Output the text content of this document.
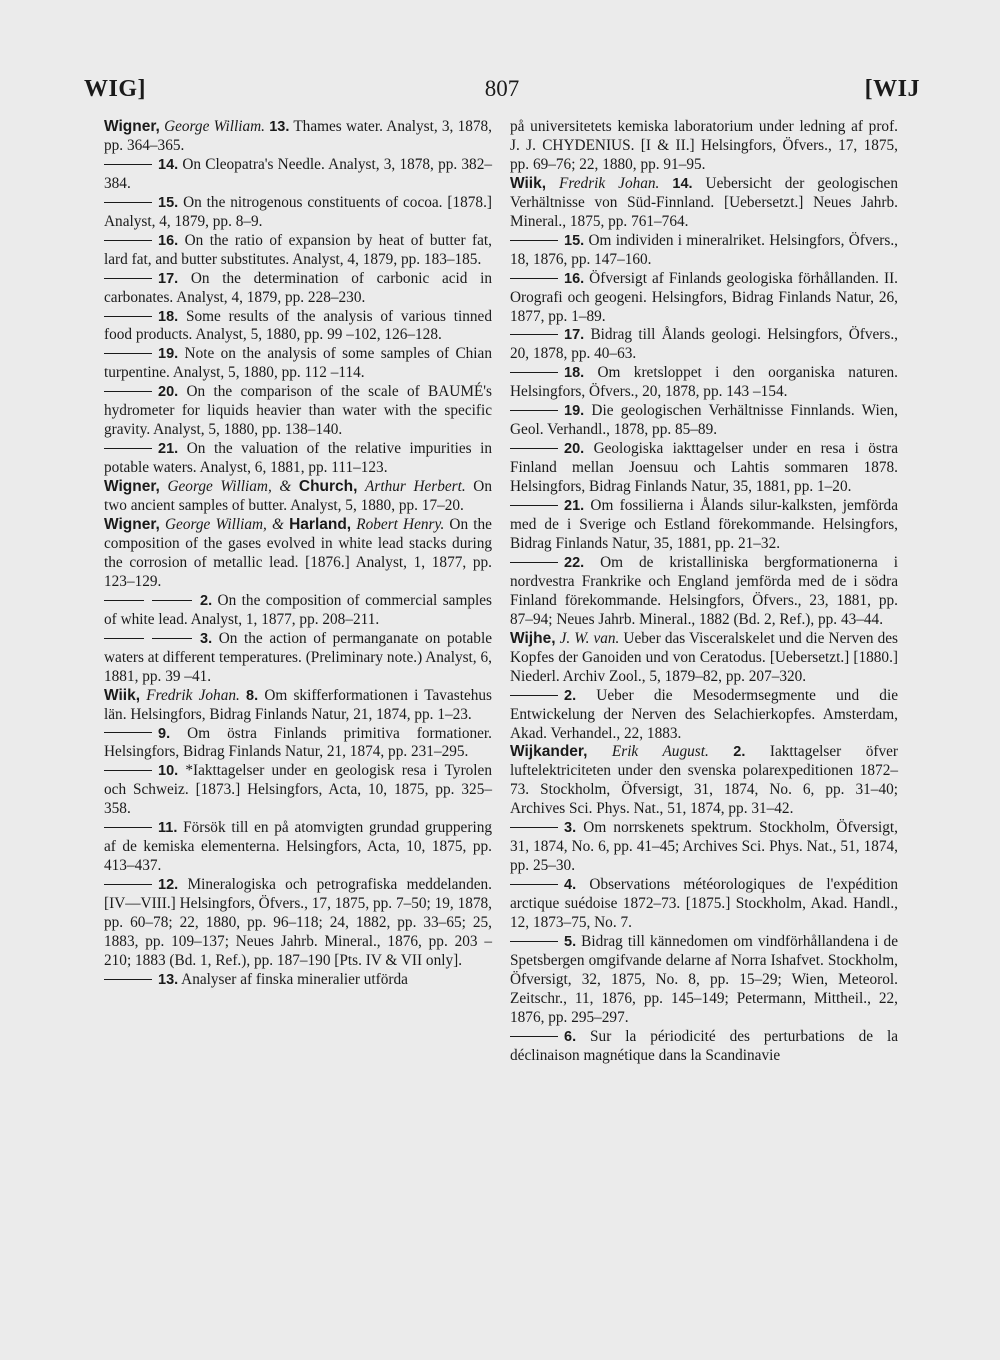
WIG]	807	[WIJ

Wigner, George William. 13. Thames water. Analyst, 3, 1878, pp. 364–365.

14. On Cleopatra's Needle. Analyst, 3, 1878, pp. 382–384.

15. On the nitrogenous constituents of cocoa. [1878.] Analyst, 4, 1879, pp. 8–9.

16. On the ratio of expansion by heat of butter fat, lard fat, and butter substitutes. Analyst, 4, 1879, pp. 183–185.

17. On the determination of carbonic acid in carbonates. Analyst, 4, 1879, pp. 228–230.

18. Some results of the analysis of various tinned food products. Analyst, 5, 1880, pp. 99 –102, 126–128.

19. Note on the analysis of some samples of Chian turpentine. Analyst, 5, 1880, pp. 112 –114.

20. On the comparison of the scale of BAUMÉ's hydrometer for liquids heavier than water with the specific gravity. Analyst, 5, 1880, pp. 138–140.

21. On the valuation of the relative impurities in potable waters. Analyst, 6, 1881, pp. 111–123.

Wigner, George William, & Church, Arthur Herbert. On two ancient samples of butter. Analyst, 5, 1880, pp. 17–20.

Wigner, George William, & Harland, Robert Henry. On the composition of the gases evolved in white lead stacks during the corrosion of metallic lead. [1876.] Analyst, 1, 1877, pp. 123–129.

2. On the composition of commercial samples of white lead. Analyst, 1, 1877, pp. 208–211.

3. On the action of permanganate on potable waters at different temperatures. (Preliminary note.) Analyst, 6, 1881, pp. 39 –41.

Wiik, Fredrik Johan. 8. Om skifferformationen i Tavastehus län. Helsingfors, Bidrag Finlands Natur, 21, 1874, pp. 1–23.

9. Om östra Finlands primitiva formationer. Helsingfors, Bidrag Finlands Natur, 21, 1874, pp. 231–295.

10. *Iakttagelser under en geologisk resa i Tyrolen och Schweiz. [1873.] Helsingfors, Acta, 10, 1875, pp. 325–358.

11. Försök till en på atomvigten grundad gruppering af de kemiska elementerna. Helsingfors, Acta, 10, 1875, pp. 413–437.

12. Mineralogiska och petrografiska meddelanden. [IV—VIII.] Helsingfors, Öfvers., 17, 1875, pp. 7–50; 19, 1878, pp. 60–78; 22, 1880, pp. 96–118; 24, 1882, pp. 33–65; 25, 1883, pp. 109–137; Neues Jahrb. Mineral., 1876, pp. 203 –210; 1883 (Bd. 1, Ref.), pp. 187–190 [Pts. IV & VII only].

13. Analyser af finska mineralier utförda

på universitetets kemiska laboratorium under ledning af prof. J. J. CHYDENIUS. [I & II.] Helsingfors, Öfvers., 17, 1875, pp. 69–76; 22, 1880, pp. 91–95.

Wiik, Fredrik Johan. 14. Uebersicht der geologischen Verhältnisse von Süd-Finnland. [Uebersetzt.] Neues Jahrb. Mineral., 1875, pp. 761–764.

15. Om individen i mineralriket. Helsingfors, Öfvers., 18, 1876, pp. 147–160.

16. Öfversigt af Finlands geologiska förhållanden. II. Orografi och geogeni. Helsingfors, Bidrag Finlands Natur, 26, 1877, pp. 1–89.

17. Bidrag till Ålands geologi. Helsingfors, Öfvers., 20, 1878, pp. 40–63.

18. Om kretsloppet i den oorganiska naturen. Helsingfors, Öfvers., 20, 1878, pp. 143 –154.

19. Die geologischen Verhältnisse Finnlands. Wien, Geol. Verhandl., 1878, pp. 85–89.

20. Geologiska iakttagelser under en resa i östra Finland mellan Joensuu och Lahtis sommaren 1878. Helsingfors, Bidrag Finlands Natur, 35, 1881, pp. 1–20.

21. Om fossilierna i Ålands silur-kalksten, jemförda med de i Sverige och Estland förekommande. Helsingfors, Bidrag Finlands Natur, 35, 1881, pp. 21–32.

22. Om de kristalliniska bergformationerna i nordvestra Frankrike och England jemförda med de i södra Finland förekommande. Helsingfors, Öfvers., 23, 1881, pp. 87–94; Neues Jahrb. Mineral., 1882 (Bd. 2, Ref.), pp. 43–44.

Wijhe, J. W. van. Ueber das Visceralskelet und die Nerven des Kopfes der Ganoiden und von Ceratodus. [Uebersetzt.] [1880.] Niederl. Archiv Zool., 5, 1879–82, pp. 207–320.

2. Ueber die Mesodermsegmente und die Entwickelung der Nerven des Selachierkopfes. Amsterdam, Akad. Verhandel., 22, 1883.

Wijkander, Erik August. 2. Iakttagelser öfver luftelektriciteten under den svenska polarexpeditionen 1872–73. Stockholm, Öfversigt, 31, 1874, No. 6, pp. 31–40; Archives Sci. Phys. Nat., 51, 1874, pp. 31–42.

3. Om norrskenets spektrum. Stockholm, Öfversigt, 31, 1874, No. 6, pp. 41–45; Archives Sci. Phys. Nat., 51, 1874, pp. 25–30.

4. Observations météorologiques de l'expédition arctique suédoise 1872–73. [1875.] Stockholm, Akad. Handl., 12, 1873–75, No. 7.

5. Bidrag till kännedomen om vindförhållandena i de Spetsbergen omgifvande delarne af Norra Ishafvet. Stockholm, Öfversigt, 32, 1875, No. 8, pp. 15–29; Wien, Meteorol. Zeitschr., 11, 1876, pp. 145–149; Petermann, Mittheil., 22, 1876, pp. 295–297.

6. Sur la périodicité des perturbations de la déclinaison magnétique dans la Scandinavie
